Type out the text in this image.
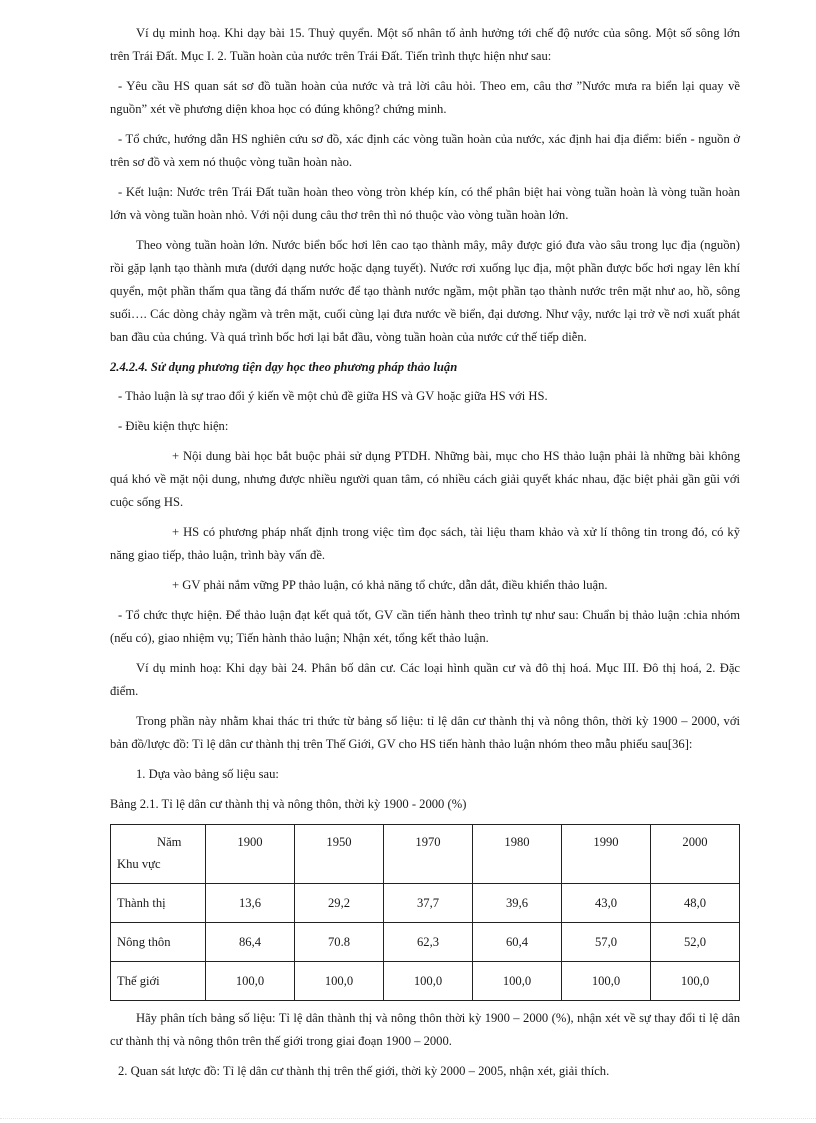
Ví dụ minh hoạ. Khi dạy bài 15. Thuỷ quyển. Một số nhân tố ảnh hưởng tới chế độ nước của sông. Một số sông lớn trên Trái Đất. Mục I. 2. Tuần hoàn của nước trên Trái Đất. Tiến trình thực hiện như sau:
- Yêu cầu HS quan sát sơ đồ tuần hoàn của nước và trả lời câu hỏi. Theo em, câu thơ ”Nước mưa ra biển lại quay về nguồn” xét về phương diện khoa học có đúng không? chứng minh.
- Tổ chức, hướng dẫn HS nghiên cứu sơ đồ, xác định các vòng tuần hoàn của nước, xác định hai địa điểm: biển - nguồn ở trên sơ đồ và xem nó thuộc vòng tuần hoàn nào.
- Kết luận: Nước trên Trái Đất tuần hoàn theo vòng tròn khép kín, có thể phân biệt hai vòng tuần hoàn là vòng tuần hoàn lớn và vòng tuần hoàn nhỏ. Với nội dung câu thơ trên thì nó thuộc vào vòng tuần hoàn lớn.
Theo vòng tuần hoàn lớn. Nước biển bốc hơi lên cao tạo thành mây, mây được gió đưa vào sâu trong lục địa (nguồn) rồi gặp lạnh tạo thành mưa (dưới dạng nước hoặc dạng tuyết). Nước rơi xuống lục địa, một phần được bốc hơi ngay lên khí quyển, một phần thấm qua tầng đá thấm nước để tạo thành nước ngầm, một phần tạo thành nước trên mặt như ao, hồ, sông suối…. Các dòng chảy ngầm và trên mặt, cuối cùng lại đưa nước về biển, đại dương. Như vậy, nước lại trở về nơi xuất phát ban đầu của chúng. Và quá trình bốc hơi lại bắt đầu, vòng tuần hoàn của nước cứ thế tiếp diễn.
2.4.2.4. Sử dụng phương tiện dạy học theo phương pháp thảo luận
- Thảo luận là sự trao đổi ý kiến về một chủ đề giữa HS và GV hoặc giữa HS với HS.
- Điều kiện thực hiện:
+ Nội dung bài học bắt buộc phải sử dụng PTDH. Những bài, mục cho HS thảo luận phải là những bài không quá khó về mặt nội dung, nhưng được nhiều người quan tâm, có nhiều cách giải quyết khác nhau, đặc biệt phải gần gũi với cuộc sống HS.
+ HS có phương pháp nhất định trong việc tìm đọc sách, tài liệu tham khảo và xử lí thông tin trong đó, có kỹ năng giao tiếp, thảo luận, trình bày vấn đề.
+ GV phải nắm vững PP thảo luận, có khả năng tổ chức, dẫn dắt, điều khiển thảo luận.
- Tổ chức thực hiện. Để thảo luận đạt kết quả tốt, GV cần tiến hành theo trình tự như sau: Chuẩn bị thảo luận :chia nhóm (nếu có), giao nhiệm vụ; Tiến hành thảo luận; Nhận xét, tổng kết thảo luận.
Ví dụ minh hoạ: Khi dạy bài 24. Phân bố dân cư. Các loại hình quần cư và đô thị hoá. Mục III. Đô thị hoá, 2. Đặc điểm.
Trong phần này nhằm khai thác tri thức từ bảng số liệu: tỉ lệ dân cư thành thị và nông thôn, thời kỳ 1900 – 2000, với bản đồ/lược đồ: Tỉ lệ dân cư thành thị trên Thế Giới, GV cho HS tiến hành thảo luận nhóm theo mẫu phiếu sau[36]:
1. Dựa vào bảng số liệu sau:
Bảng 2.1. Tỉ lệ dân cư thành thị và nông thôn, thời kỳ 1900 - 2000 (%)
Năm
Khu vực	1900	1950	1970	1980	1990	2000
Thành thị	13,6	29,2	37,7	39,6	43,0	48,0
Nông thôn	86,4	70.8	62,3	60,4	57,0	52,0
Thế giới	100,0	100,0	100,0	100,0	100,0	100,0
Hãy phân tích bảng số liệu: Tỉ lệ dân thành thị và nông thôn thời kỳ 1900 – 2000 (%), nhận xét về sự thay đổi tỉ lệ dân cư thành thị và nông thôn trên thế giới trong giai đoạn 1900 – 2000.
2. Quan sát lược đồ: Tỉ lệ dân cư thành thị trên thế giới, thời kỳ 2000 – 2005, nhận xét, giải thích.
